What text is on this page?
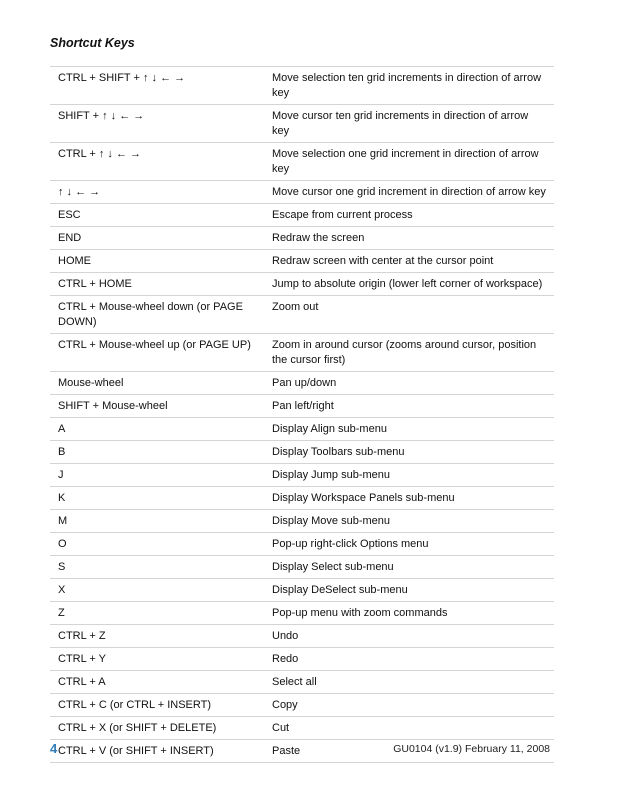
Shortcut Keys
CTRL + SHIFT + ↑ ↓ ← →	Move selection ten grid increments in direction of arrow key
SHIFT + ↑ ↓ ← →	Move cursor ten grid increments in direction of arrow key
CTRL + ↑ ↓ ← →	Move selection one grid increment in direction of arrow key
↑ ↓ ← →	Move cursor one grid increment in direction of arrow key
ESC	Escape from current process
END	Redraw the screen
HOME	Redraw screen with center at the cursor point
CTRL + HOME	Jump to absolute origin (lower left corner of workspace)
CTRL + Mouse-wheel down (or PAGE DOWN)	Zoom out
CTRL + Mouse-wheel up (or PAGE UP)	Zoom in around cursor (zooms around cursor, position the cursor first)
Mouse-wheel	Pan up/down
SHIFT + Mouse-wheel	Pan left/right
A	Display Align sub-menu
B	Display Toolbars sub-menu
J	Display Jump sub-menu
K	Display Workspace Panels sub-menu
M	Display Move sub-menu
O	Pop-up right-click Options menu
S	Display Select sub-menu
X	Display DeSelect sub-menu
Z	Pop-up menu with zoom commands
CTRL + Z	Undo
CTRL + Y	Redo
CTRL + A	Select all
CTRL + C (or CTRL + INSERT)	Copy
CTRL + X (or SHIFT + DELETE)	Cut
CTRL + V (or SHIFT + INSERT)	Paste
4	GU0104 (v1.9) February 11, 2008
